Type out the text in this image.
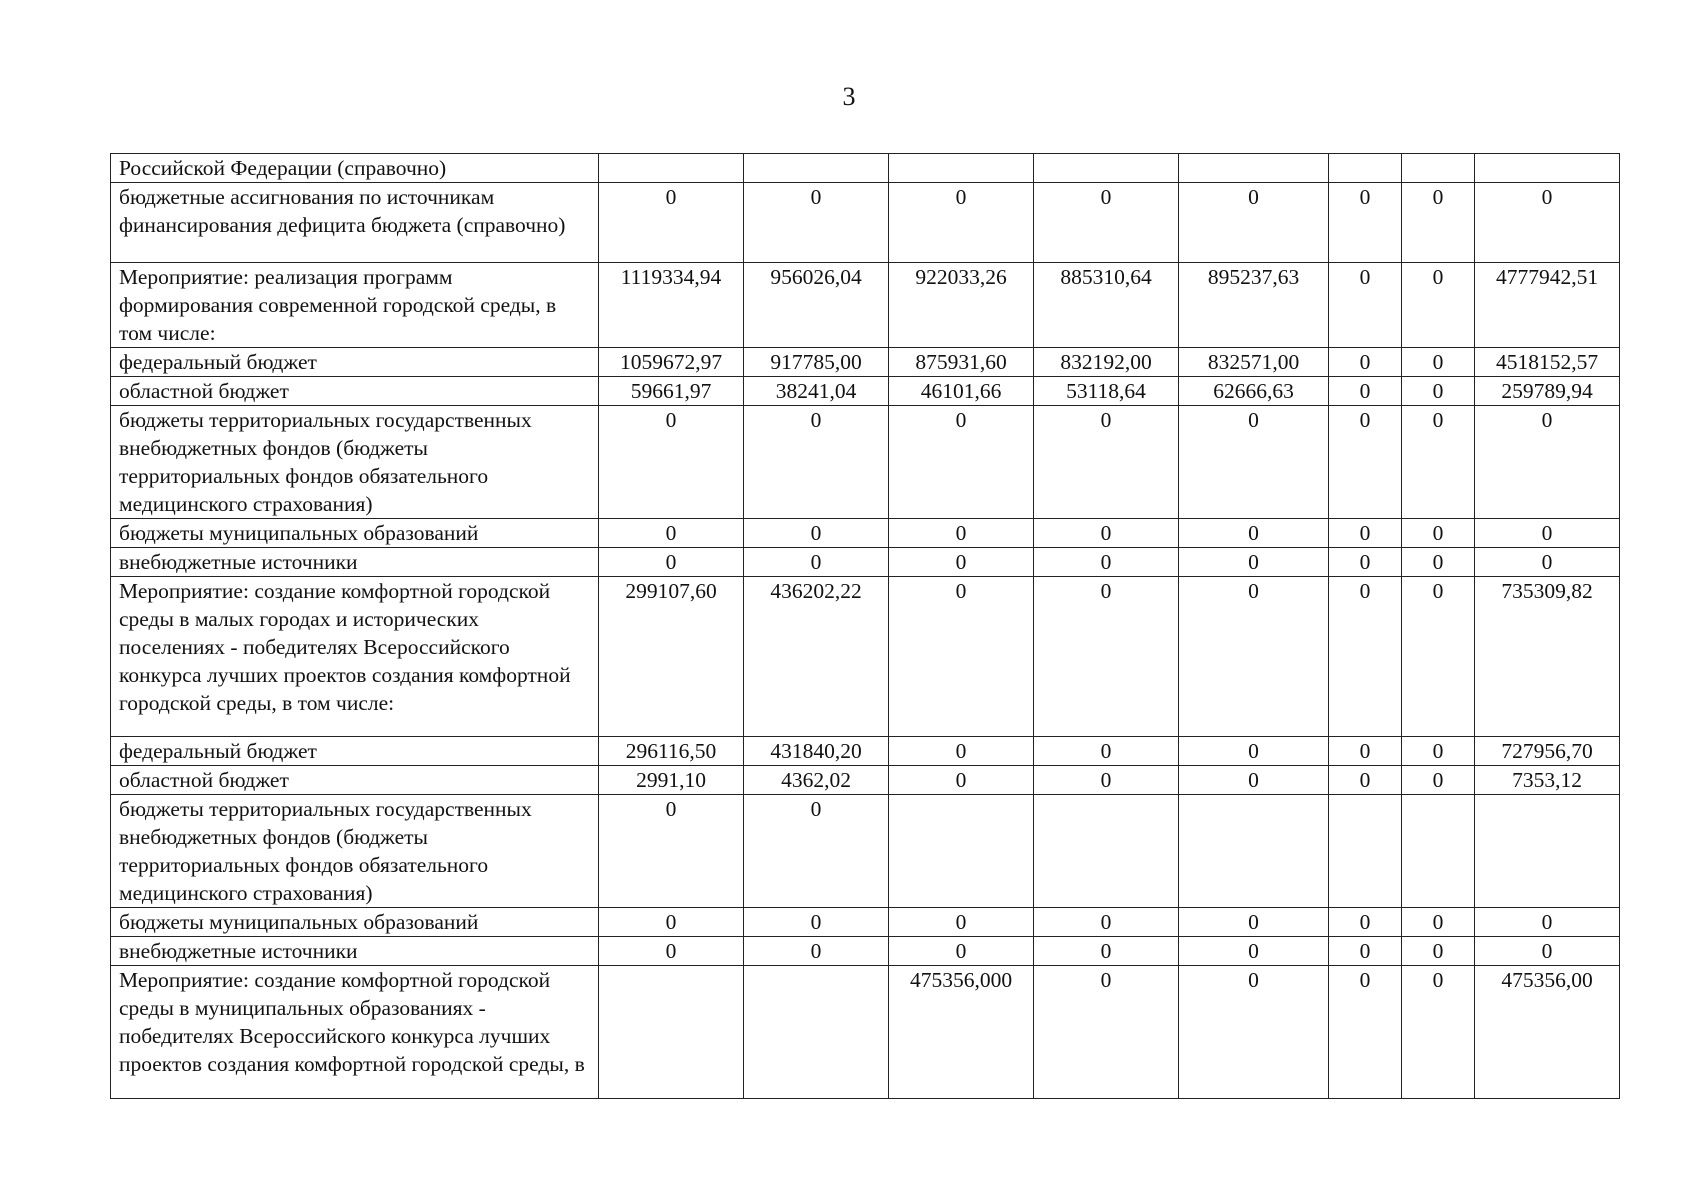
3
Российской Федерации (справочно)								
бюджетные ассигнования по источникам финансирования дефицита бюджета (справочно)	0	0	0	0	0	0	0	0
Мероприятие: реализация программ формирования современной городской среды, в том числе:	1119334,94	956026,04	922033,26	885310,64	895237,63	0	0	4777942,51
федеральный бюджет	1059672,97	917785,00	875931,60	832192,00	832571,00	0	0	4518152,57
областной бюджет	59661,97	38241,04	46101,66	53118,64	62666,63	0	0	259789,94
бюджеты территориальных государственных внебюджетных фондов (бюджеты территориальных фондов обязательного медицинского страхования)	0	0	0	0	0	0	0	0
бюджеты муниципальных образований	0	0	0	0	0	0	0	0
внебюджетные источники	0	0	0	0	0	0	0	0
Мероприятие: создание комфортной городской среды в малых городах и исторических поселениях - победителях Всероссийского конкурса лучших проектов создания комфортной городской среды, в том числе:	299107,60	436202,22	0	0	0	0	0	735309,82
федеральный бюджет	296116,50	431840,20	0	0	0	0	0	727956,70
областной бюджет	2991,10	4362,02	0	0	0	0	0	7353,12
бюджеты территориальных государственных внебюджетных фондов (бюджеты территориальных фондов обязательного медицинского страхования)	0	0						
бюджеты муниципальных образований	0	0	0	0	0	0	0	0
внебюджетные источники	0	0	0	0	0	0	0	0
Мероприятие: создание комфортной городской среды в муниципальных образованиях - победителях Всероссийского конкурса лучших проектов создания комфортной городской среды, в			475356,000	0	0	0	0	475356,00
